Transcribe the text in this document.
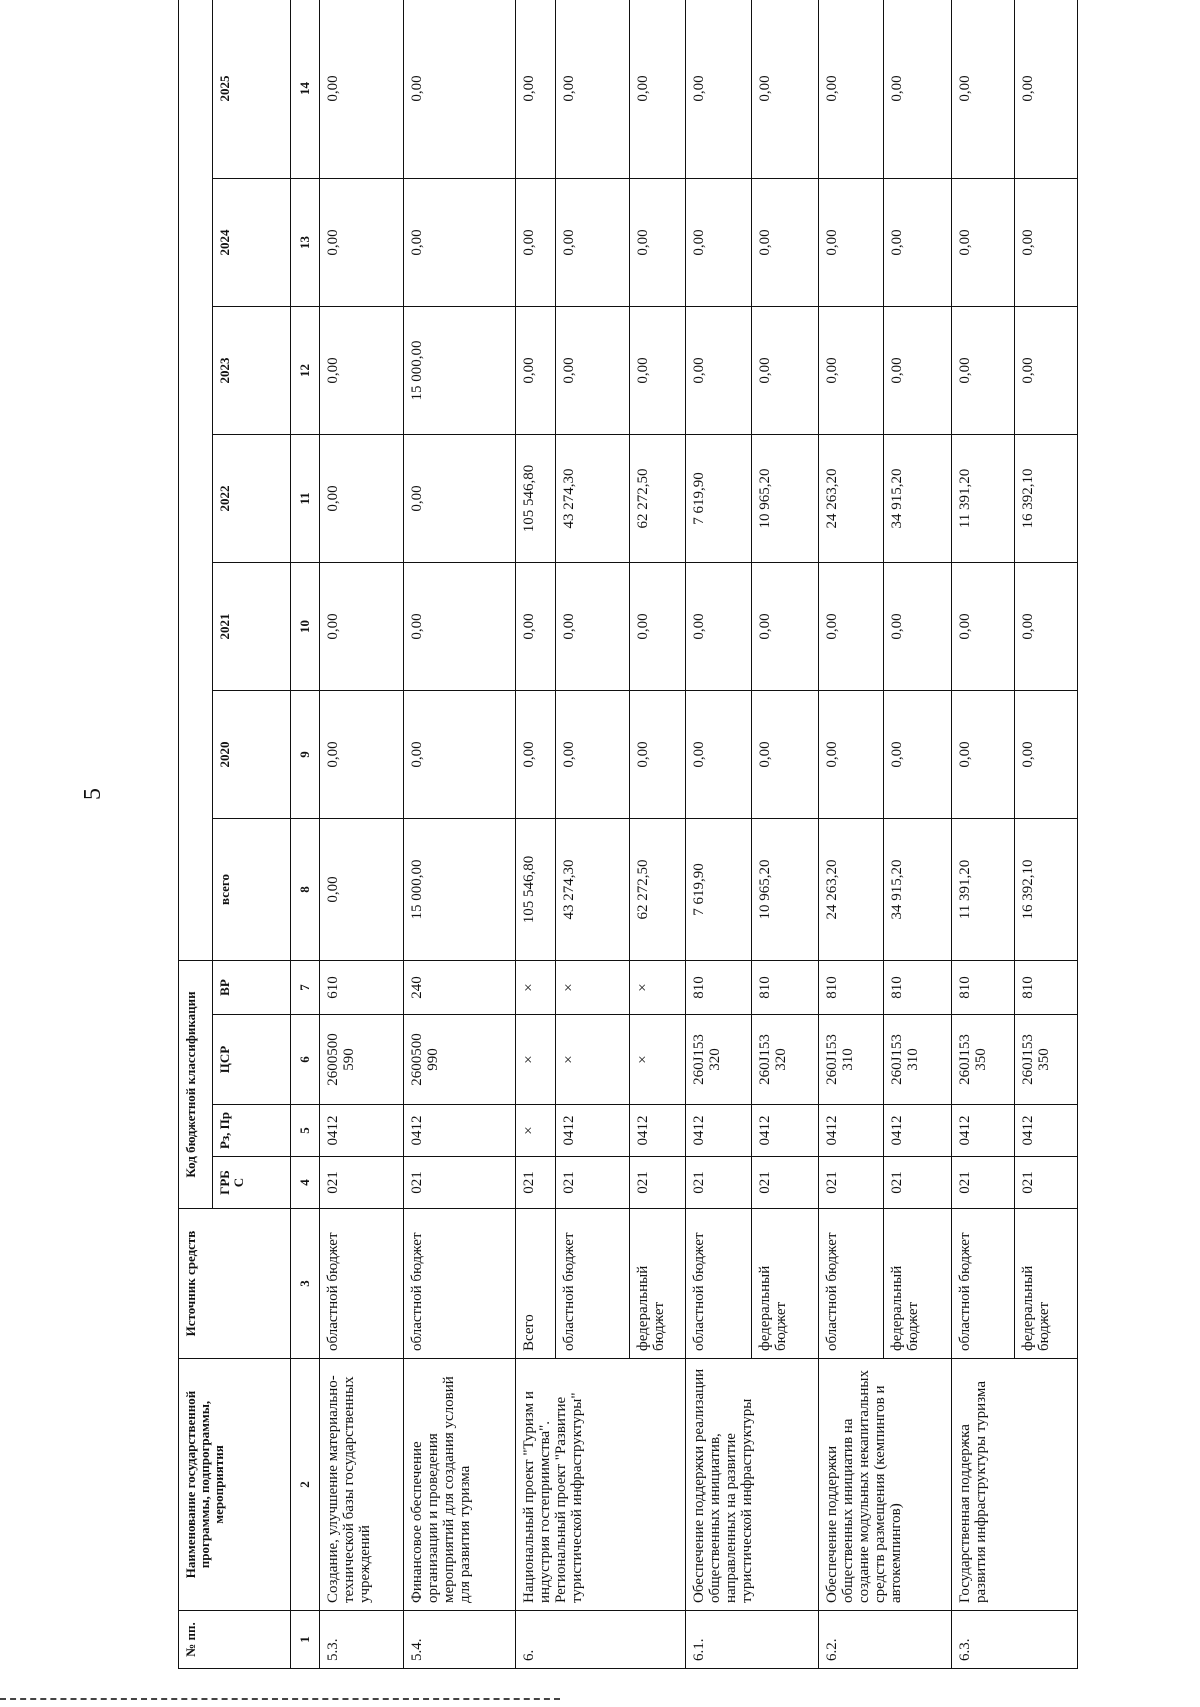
5
№ пп.	Наименование государственной программы, подпрограммы, мероприятия	Источник средств	Код бюджетной классификации										
			ГРБ С	Рз, Пр	ЦСР	ВР	всего	2020	2021	2022	2023	2024	2025
1	2	3	4	5	6	7	8	9	10	11	12	13	14
5.3.	Создание, улучшение материально-технической базы государственных учреждений	областной бюджет	021	0412	2600500 590	610	0,00	0,00	0,00	0,00	0,00	0,00	0,00
5.4.	Финансовое обеспечение организации и проведения мероприятий для создания условий для развития туризма	областной бюджет	021	0412	2600500 990	240	15 000,00	0,00	0,00	0,00	15 000,00	0,00	0,00
6.	Национальный проект "Туризм и индустрия гостеприимства". Региональный проект "Развитие туристической инфраструктуры"	Всего	021	×	×	×	105 546,80	0,00	0,00	105 546,80	0,00	0,00	0,00
		областной бюджет	021	0412	×	×	43 274,30	0,00	0,00	43 274,30	0,00	0,00	0,00
		федеральный бюджет	021	0412	×	×	62 272,50	0,00	0,00	62 272,50	0,00	0,00	0,00
6.1.	Обеспечение поддержки реализации общественных инициатив, направленных на развитие туристической инфраструктуры	областной бюджет	021	0412	260J153 320	810	7 619,90	0,00	0,00	7 619,90	0,00	0,00	0,00
		федеральный бюджет	021	0412	260J153 320	810	10 965,20	0,00	0,00	10 965,20	0,00	0,00	0,00
6.2.	Обеспечение поддержки общественных инициатив на создание модульных некапитальных средств размещения (кемпингов и автокемпингов)	областной бюджет	021	0412	260J153 310	810	24 263,20	0,00	0,00	24 263,20	0,00	0,00	0,00
		федеральный бюджет	021	0412	260J153 310	810	34 915,20	0,00	0,00	34 915,20	0,00	0,00	0,00
6.3.	Государственная поддержка развития инфраструктуры туризма	областной бюджет	021	0412	260J153 350	810	11 391,20	0,00	0,00	11 391,20	0,00	0,00	0,00
		федеральный бюджет	021	0412	260J153 350	810	16 392,10	0,00	0,00	16 392,10	0,00	0,00	0,00
